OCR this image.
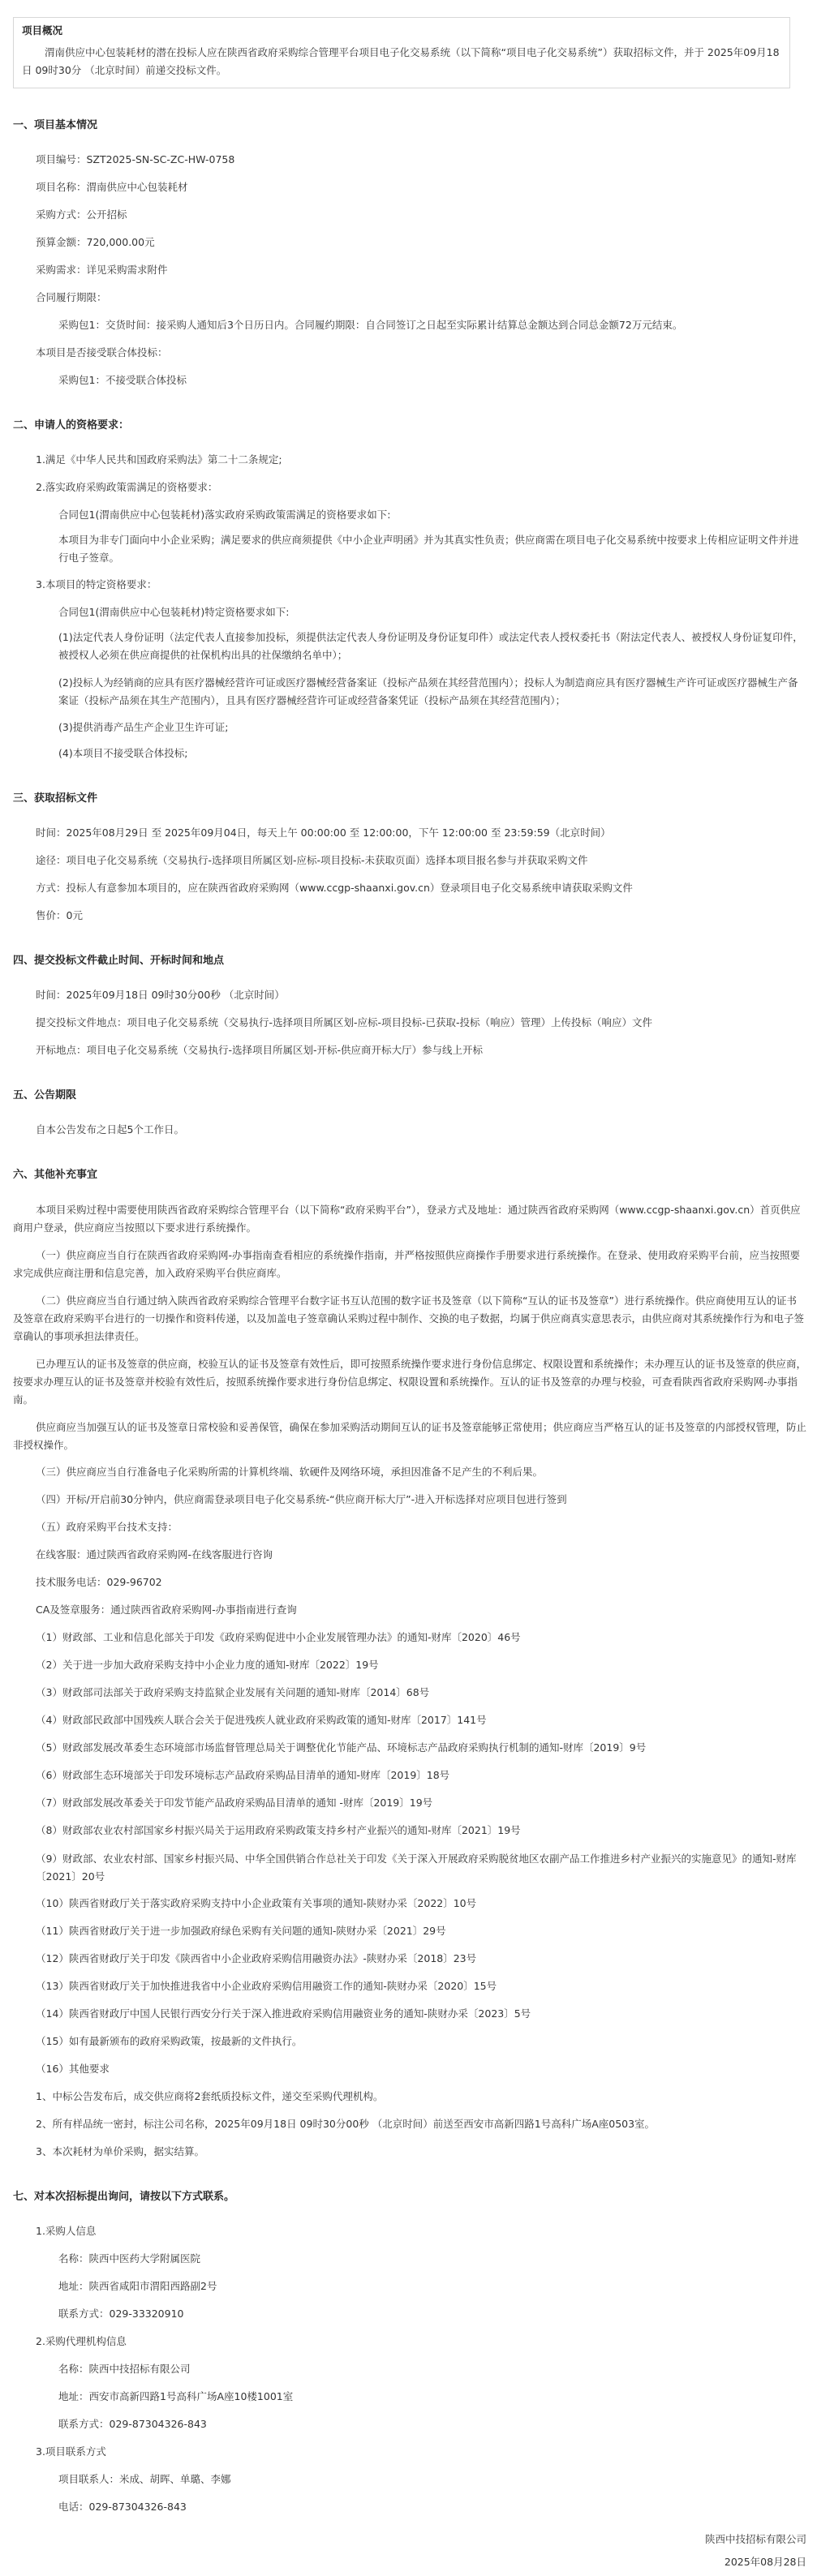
项目概况
渭南供应中心包装耗材的潜在投标人应在陕西省政府采购综合管理平台项目电子化交易系统（以下简称“项目电子化交易系统”）获取招标文件，并于 2025年09月18日 09时30分 （北京时间）前递交投标文件。
一、项目基本情况
项目编号：SZT2025-SN-SC-ZC-HW-0758
项目名称：渭南供应中心包装耗材
采购方式：公开招标
预算金额：720,000.00元
采购需求：详见采购需求附件
合同履行期限：
采购包1：交货时间：接采购人通知后3个日历日内。合同履约期限：自合同签订之日起至实际累计结算总金额达到合同总金额72万元结束。
本项目是否接受联合体投标：
采购包1：不接受联合体投标
二、申请人的资格要求：
1.满足《中华人民共和国政府采购法》第二十二条规定;
2.落实政府采购政策需满足的资格要求：
合同包1(渭南供应中心包装耗材)落实政府采购政策需满足的资格要求如下:
本项目为非专门面向中小企业采购；满足要求的供应商须提供《中小企业声明函》并为其真实性负责；供应商需在项目电子化交易系统中按要求上传相应证明文件并进行电子签章。
3.本项目的特定资格要求：
合同包1(渭南供应中心包装耗材)特定资格要求如下:
(1)法定代表人身份证明（法定代表人直接参加投标，须提供法定代表人身份证明及身份证复印件）或法定代表人授权委托书（附法定代表人、被授权人身份证复印件，被授权人必须在供应商提供的社保机构出具的社保缴纳名单中）；
(2)投标人为经销商的应具有医疗器械经营许可证或医疗器械经营备案证（投标产品须在其经营范围内）；投标人为制造商应具有医疗器械生产许可证或医疗器械生产备案证（投标产品须在其生产范围内），且具有医疗器械经营许可证或经营备案凭证（投标产品须在其经营范围内）；
(3)提供消毒产品生产企业卫生许可证;
(4)本项目不接受联合体投标;
三、获取招标文件
时间：2025年08月29日 至 2025年09月04日，每天上午 00:00:00 至 12:00:00，下午 12:00:00 至 23:59:59（北京时间）
途径：项目电子化交易系统（交易执行-选择项目所属区划-应标-项目投标-未获取页面）选择本项目报名参与并获取采购文件
方式：投标人有意参加本项目的，应在陕西省政府采购网（www.ccgp-shaanxi.gov.cn）登录项目电子化交易系统申请获取采购文件
售价：0元
四、提交投标文件截止时间、开标时间和地点
时间：2025年09月18日 09时30分00秒 （北京时间）
提交投标文件地点：项目电子化交易系统（交易执行-选择项目所属区划-应标-项目投标-已获取-投标（响应）管理）上传投标（响应）文件
开标地点：项目电子化交易系统（交易执行-选择项目所属区划-开标-供应商开标大厅）参与线上开标
五、公告期限
自本公告发布之日起5个工作日。
六、其他补充事宜
本项目采购过程中需要使用陕西省政府采购综合管理平台（以下简称“政府采购平台”），登录方式及地址：通过陕西省政府采购网（www.ccgp-shaanxi.gov.cn）首页供应商用户登录，供应商应当按照以下要求进行系统操作。
（一）供应商应当自行在陕西省政府采购网-办事指南查看相应的系统操作指南，并严格按照供应商操作手册要求进行系统操作。在登录、使用政府采购平台前，应当按照要求完成供应商注册和信息完善，加入政府采购平台供应商库。
（二）供应商应当自行通过纳入陕西省政府采购综合管理平台数字证书互认范围的数字证书及签章（以下简称“互认的证书及签章”）进行系统操作。供应商使用互认的证书及签章在政府采购平台进行的一切操作和资料传递，以及加盖电子签章确认采购过程中制作、交换的电子数据，均属于供应商真实意思表示，由供应商对其系统操作行为和电子签章确认的事项承担法律责任。
已办理互认的证书及签章的供应商，校验互认的证书及签章有效性后，即可按照系统操作要求进行身份信息绑定、权限设置和系统操作；未办理互认的证书及签章的供应商，按要求办理互认的证书及签章并校验有效性后，按照系统操作要求进行身份信息绑定、权限设置和系统操作。互认的证书及签章的办理与校验，可查看陕西省政府采购网-办事指南。
供应商应当加强互认的证书及签章日常校验和妥善保管，确保在参加采购活动期间互认的证书及签章能够正常使用；供应商应当严格互认的证书及签章的内部授权管理，防止非授权操作。
（三）供应商应当自行准备电子化采购所需的计算机终端、软硬件及网络环境，承担因准备不足产生的不利后果。
（四）开标/开启前30分钟内，供应商需登录项目电子化交易系统-“供应商开标大厅”-进入开标选择对应项目包进行签到
（五）政府采购平台技术支持：
在线客服：通过陕西省政府采购网-在线客服进行咨询
技术服务电话：029-96702
CA及签章服务：通过陕西省政府采购网-办事指南进行查询
（1）财政部、工业和信息化部关于印发《政府采购促进中小企业发展管理办法》的通知-财库〔2020〕46号
（2）关于进一步加大政府采购支持中小企业力度的通知-财库〔2022〕19号
（3）财政部司法部关于政府采购支持监狱企业发展有关问题的通知-财库〔2014〕68号
（4）财政部民政部中国残疾人联合会关于促进残疾人就业政府采购政策的通知-财库〔2017〕141号
（5）财政部发展改革委生态环境部市场监督管理总局关于调整优化节能产品、环境标志产品政府采购执行机制的通知-财库〔2019〕9号
（6）财政部生态环境部关于印发环境标志产品政府采购品目清单的通知-财库〔2019〕18号
（7）财政部发展改革委关于印发节能产品政府采购品目清单的通知 -财库〔2019〕19号
（8）财政部农业农村部国家乡村振兴局关于运用政府采购政策支持乡村产业振兴的通知-财库〔2021〕19号
（9）财政部、农业农村部、国家乡村振兴局、中华全国供销合作总社关于印发《关于深入开展政府采购脱贫地区农副产品工作推进乡村产业振兴的实施意见》的通知-财库〔2021〕20号
（10）陕西省财政厅关于落实政府采购支持中小企业政策有关事项的通知-陕财办采〔2022〕10号
（11）陕西省财政厅关于进一步加强政府绿色采购有关问题的通知-陕财办采〔2021〕29号
（12）陕西省财政厅关于印发《陕西省中小企业政府采购信用融资办法》-陕财办采〔2018〕23号
（13）陕西省财政厅关于加快推进我省中小企业政府采购信用融资工作的通知-陕财办采〔2020〕15号
（14）陕西省财政厅中国人民银行西安分行关于深入推进政府采购信用融资业务的通知-陕财办采〔2023〕5号
（15）如有最新颁布的政府采购政策，按最新的文件执行。
（16）其他要求
1、中标公告发布后，成交供应商将2套纸质投标文件，递交至采购代理机构。
2、所有样品统一密封，标注公司名称，2025年09月18日 09时30分00秒 （北京时间）前送至西安市高新四路1号高科广场A座0503室。
3、本次耗材为单价采购，据实结算。
七、对本次招标提出询问，请按以下方式联系。
1.采购人信息
名称：陕西中医药大学附属医院
地址：陕西省咸阳市渭阳西路副2号
联系方式：029-33320910
2.采购代理机构信息
名称：陕西中技招标有限公司
地址：西安市高新四路1号高科广场A座10楼1001室
联系方式：029-87304326-843
3.项目联系方式
项目联系人：米成、胡晖、单璐、李娜
电话：029-87304326-843
陕西中技招标有限公司
2025年08月28日
